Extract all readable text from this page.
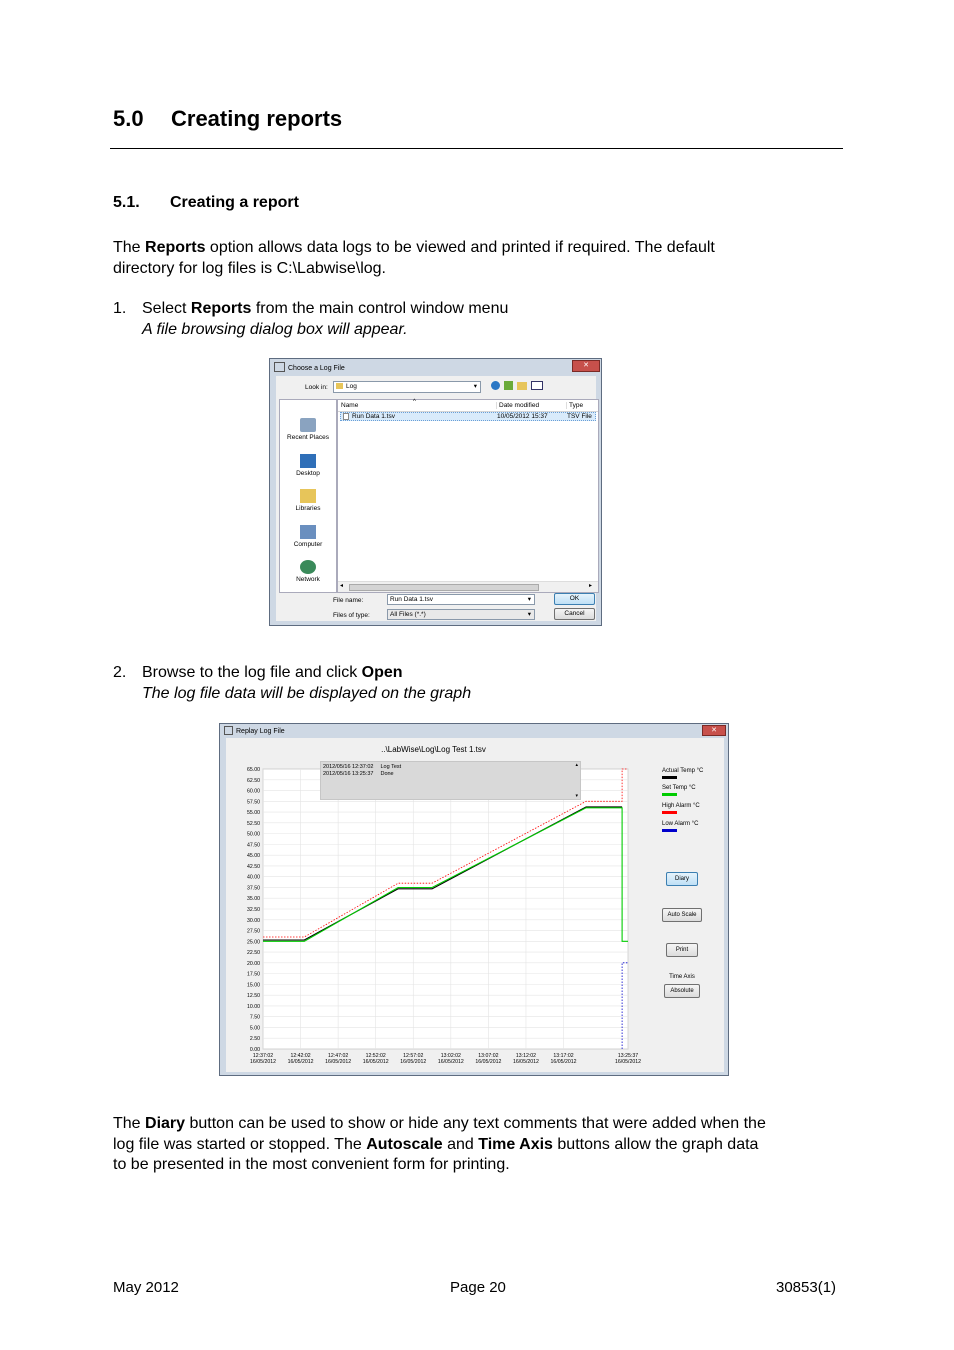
5.0 Creating reports
5.1. Creating a report
The Reports option allows data logs to be viewed and printed if required. The default
directory for log files is C:\Labwise\log.
1. Select Reports from the main control window menu
A file browsing dialog box will appear.
Choose a Log File	✕
Look in:	Log	▾
Recent Places
Desktop
Libraries
Computer
Network
Name	^	Date modified	Type
Run Data 1.tsv	10/05/2012 15:37	TSV File
◂	▸
File name:	Run Data 1.tsv	▾
Files of type:	All Files (*.*)	▾
OK
Cancel
2. Browse to the log file and click Open
The log file data will be displayed on the graph
Replay Log File	✕
..\LabWise\Log\Log Test 1.tsv
0.00
2.50
5.00
7.50
10.00
12.50
15.00
17.50
20.00
22.50
25.00
27.50
30.00
32.50
35.00
37.50
40.00
42.50
45.00
47.50
50.00
52.50
55.00
57.50
60.00
62.50
65.00
12:37:02
16/05/2012
12:42:02
16/05/2012
12:47:02
16/05/2012
12:52:02
16/05/2012
12:57:02
16/05/2012
13:02:02
16/05/2012
13:07:02
16/05/2012
13:12:02
16/05/2012
13:17:02
16/05/2012
13:25:37
16/05/2012
2012/05/16 12:37:02 Log Test
2012/05/16 13:25:37 Done
▴
▾
Actual Temp °C
Set Temp °C
High Alarm °C
Low Alarm °C
Diary
Auto Scale
Print
Time Axis
Absolute
The Diary button can be used to show or hide any text comments that were added when the
log file was started or stopped. The Autoscale and Time Axis buttons allow the graph data
to be presented in the most convenient form for printing.
May 2012	Page 20	30853(1)
